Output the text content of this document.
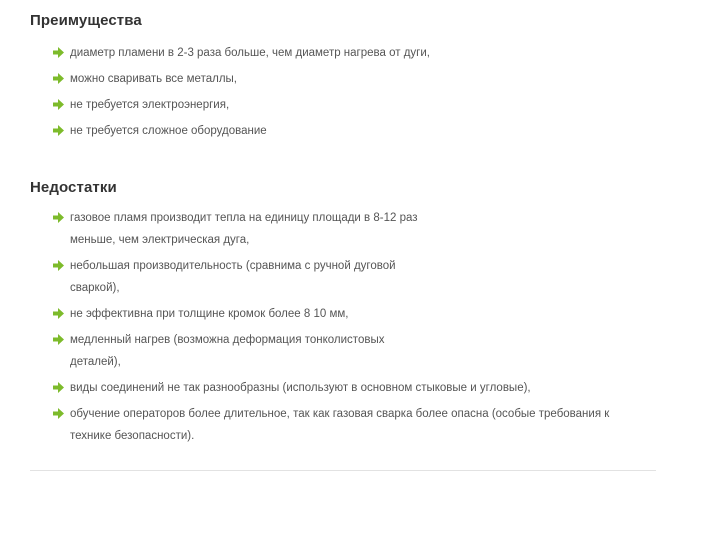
Преимущества
диаметр пламени в 2-3 раза больше, чем диаметр нагрева от дуги,
можно сваривать все металлы,
не требуется электроэнергия,
не требуется сложное оборудование
Недостатки
газовое пламя производит тепла на единицу площади в 8-12 раз
меньше, чем электрическая дуга,
небольшая производительность (сравнима с ручной дуговой
сваркой),
не эффективна при толщине кромок более 8 10 мм,
медленный нагрев (возможна деформация тонколистовых
деталей),
виды соединений не так разнообразны (используют в основном стыковые и угловые),
обучение операторов более длительное, так как газовая сварка более опасна (особые требования к
технике безопасности).
